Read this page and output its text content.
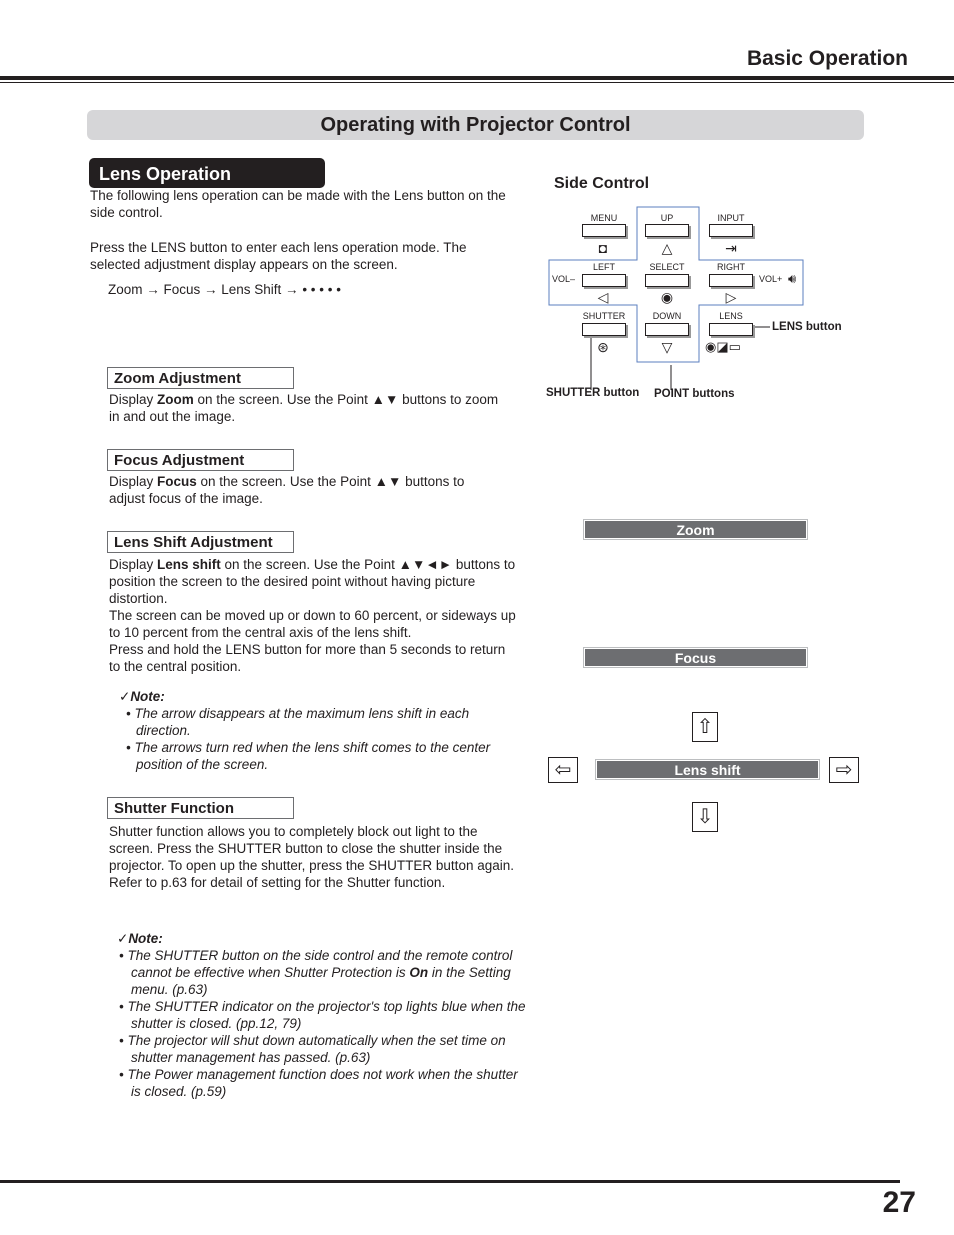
Basic Operation
Operating with Projector Control
Lens Operation
The following lens operation can be made with the Lens button on the side control.
Press the LENS button to enter each lens operation mode. The selected adjustment display appears on the screen.
Zoom → Focus → Lens Shift → • • • • •
Zoom Adjustment
Display Zoom on the screen. Use the Point ▲▼ buttons to zoom in and out the image.
Focus Adjustment
Display Focus on the screen. Use the Point ▲▼ buttons to adjust focus of the image.
Lens Shift Adjustment
Display Lens shift on the screen. Use the Point ▲▼◄► buttons to position the screen to the desired point without having picture distortion.
The screen can be moved up or down to 60 percent, or sideways up to 10 percent from the central axis of the lens shift.
Press and hold the LENS button for more than 5 seconds to return to the central position.
✓Note:
• The arrow disappears at the maximum lens shift in each direction.
• The arrows turn red when the lens shift comes to the center position of the screen.
Shutter Function
Shutter function allows you to completely block out light to the screen. Press the SHUTTER button to close the shutter inside the projector. To open up the shutter, press the SHUTTER button again. Refer to p.63 for detail of setting for the Shutter function.
✓Note:
• The SHUTTER button on the side control and the remote control cannot be effective when Shutter Protection is On in the Setting menu. (p.63)
• The SHUTTER indicator on the projector's top lights blue when the shutter is closed. (pp.12, 79)
• The projector will shut down automatically when the set time on shutter management has passed. (p.63)
• The Power management function does not work when the shutter is closed. (p.59)
Side Control
MENU
◘
UP
△
INPUT
⇥
LEFT
◁
SELECT
◉
RIGHT
▷
VOL–	VOL+ 🔊︎
SHUTTER
⊛
DOWN
▽
LENS
◉◪▭
LENS button
SHUTTER button POINT buttons
Zoom
Focus
⇧
⇦	Lens shift	⇨
⇩
27
